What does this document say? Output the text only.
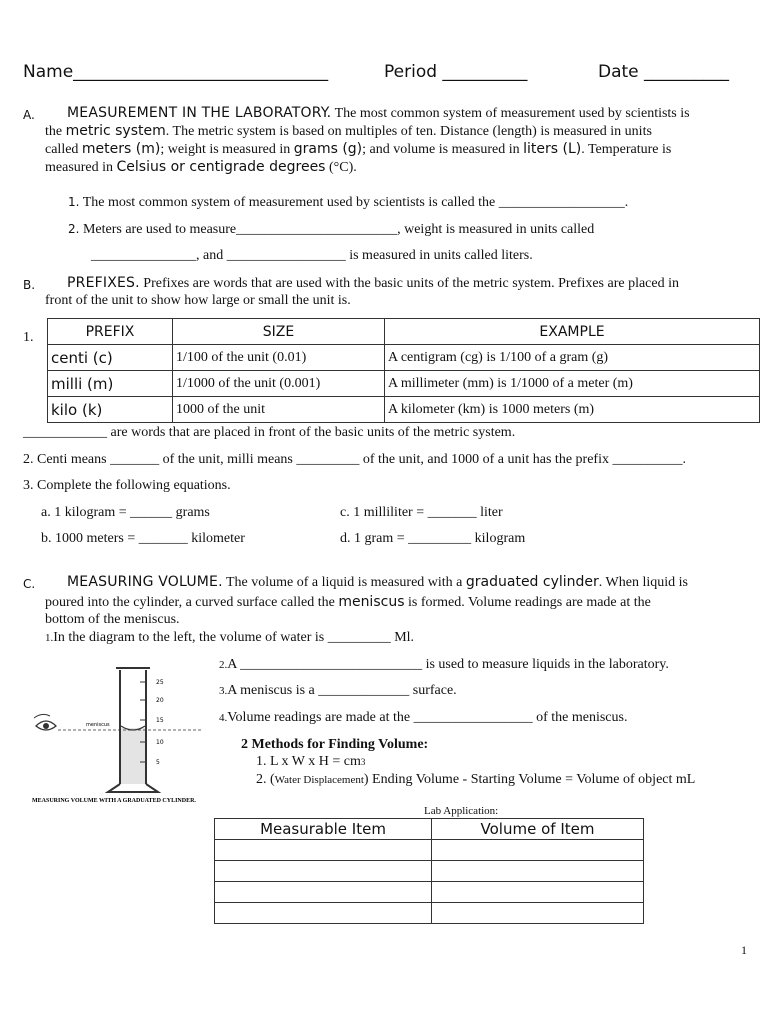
Name______________________________	Period __________	Date __________
A. MEASUREMENT IN THE LABORATORY. The most common system of measurement used by scientists is
the metric system. The metric system is based on multiples of ten. Distance (length) is measured in units
called meters (m); weight is measured in grams (g); and volume is measured in liters (L). Temperature is
measured in Celsius or centigrade degrees (°C).
1. The most common system of measurement used by scientists is called the __________________.
2. Meters are used to measure_______________________, weight is measured in units called
_______________, and _________________ is measured in units called liters.
B. PREFIXES. Prefixes are words that are used with the basic units of the metric system. Prefixes are placed in
front of the unit to show how large or small the unit is.
1.	PREFIX	SIZE	EXAMPLE
centi (c)	1/100 of the unit (0.01)	A centigram (cg) is 1/100 of a gram (g)
milli (m)	1/1000 of the unit (0.001)	A millimeter (mm) is 1/1000 of a meter (m)
kilo (k)	1000 of the unit	A kilometer (km) is 1000 meters (m)
____________ are words that are placed in front of the basic units of the metric system.
2. Centi means _______ of the unit, milli means _________ of the unit, and 1000 of a unit has the prefix __________.
3. Complete the following equations.
a. 1 kilogram = ______ grams
b. 1000 meters = _______ kilometer
c. 1 milliliter = _______ liter
d. 1 gram = _________ kilogram
C. MEASURING VOLUME. The volume of a liquid is measured with a graduated cylinder. When liquid is
poured into the cylinder, a curved surface called the meniscus is formed. Volume readings are made at the
bottom of the meniscus.
1.In the diagram to the left, the volume of water is _________ Ml.
2.A __________________________ is used to measure liquids in the laboratory.
3.A meniscus is a _____________ surface.
4.Volume readings are made at the _________________ of the meniscus.
2 Methods for Finding Volume:
1. L x W x H = cm3
2. (Water Displacement) Ending Volume - Starting Volume = Volume of object mL
25
20
15
10
5
meniscus
MEASURING VOLUME WITH A GRADUATED CYLINDER.
Lab Application:
Measurable Item	Volume of Item

1
